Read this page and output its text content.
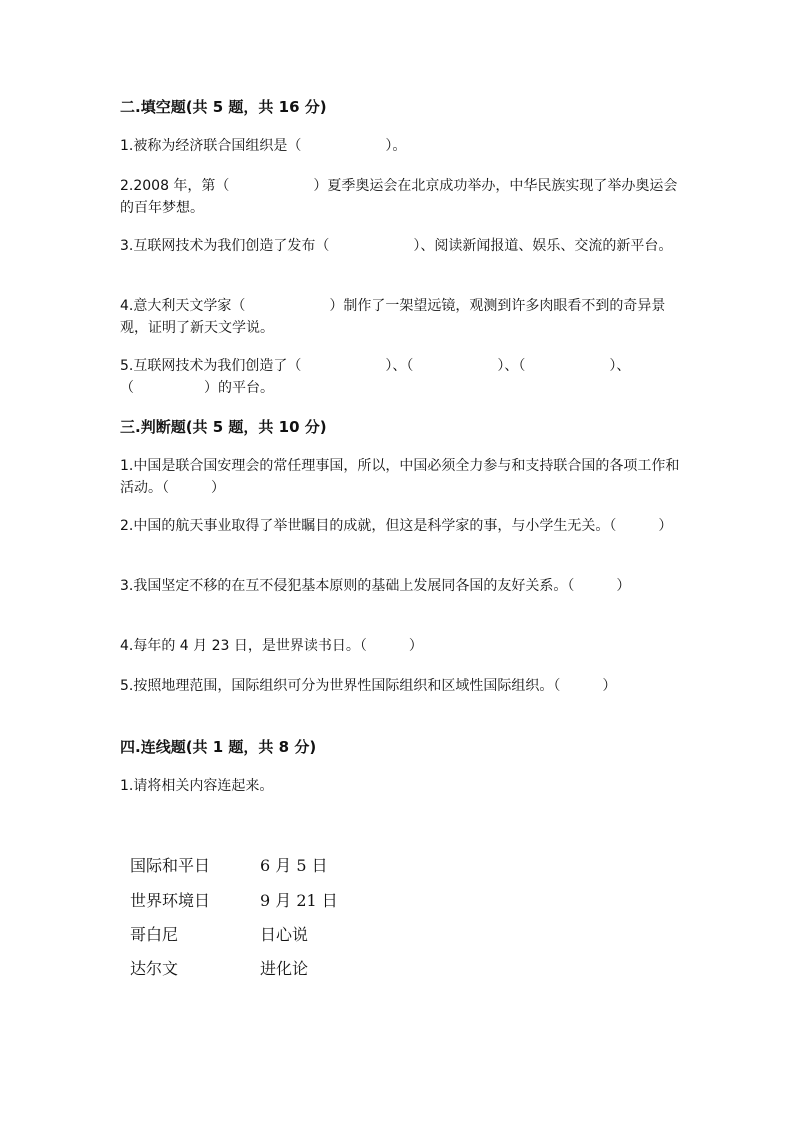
二.填空题(共 5 题，共 16 分)
1.被称为经济联合国组织是（　　　　　　）。
2.2008 年，第（　　　　　　）夏季奥运会在北京成功举办，中华民族实现了举办奥运会的百年梦想。
3.互联网技术为我们创造了发布（　　　　　　）、阅读新闻报道、娱乐、交流的新平台。
4.意大利天文学家（　　　　　　）制作了一架望远镜，观测到许多肉眼看不到的奇异景观，证明了新天文学说。
5.互联网技术为我们创造了（　　　　　　）、（　　　　　　）、（　　　　　　）、（　　　　　）的平台。
三.判断题(共 5 题，共 10 分)
1.中国是联合国安理会的常任理事国，所以，中国必须全力参与和支持联合国的各项工作和活动。（　　　）
2.中国的航天事业取得了举世瞩目的成就，但这是科学家的事，与小学生无关。（　　　）
3.我国坚定不移的在互不侵犯基本原则的基础上发展同各国的友好关系。（　　　）
4.每年的 4 月 23 日，是世界读书日。（　　　）
5.按照地理范围，国际组织可分为世界性国际组织和区域性国际组织。（　　　）
四.连线题(共 1 题，共 8 分)
1.请将相关内容连起来。
国际和平日	6 月 5 日
世界环境日	9 月 21 日
哥白尼	日心说
达尔文	进化论
